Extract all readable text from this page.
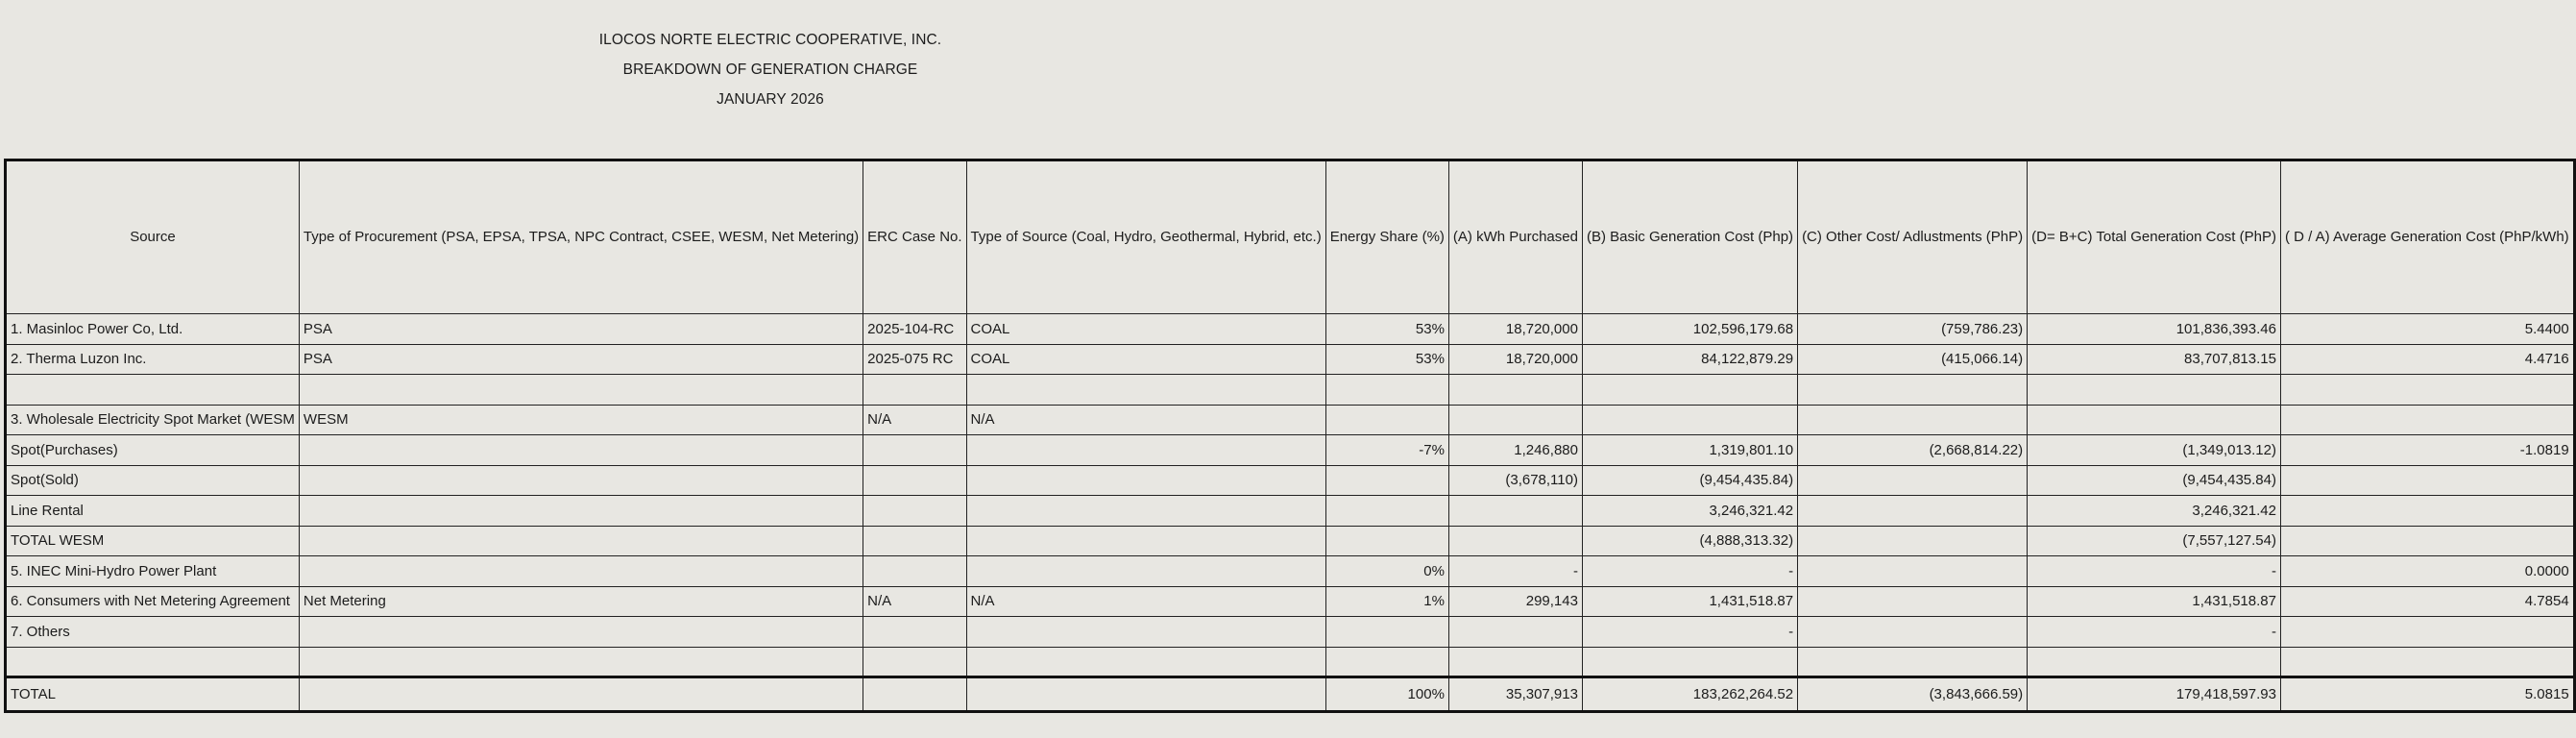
ILOCOS NORTE ELECTRIC COOPERATIVE, INC.
BREAKDOWN OF GENERATION CHARGE
JANUARY 2026
Source	Type of Procurement (PSA, EPSA, TPSA, NPC Contract, CSEE, WESM, Net Metering)	ERC Case No.	Type of Source (Coal, Hydro, Geothermal, Hybrid, etc.)	Energy Share (%)	(A) kWh Purchased	(B) Basic Generation Cost (Php)	(C) Other Cost/ Adlustments (PhP)	(D= B+C) Total Generation Cost (PhP)	( D / A) Average Generation Cost (PhP/kWh)
1. Masinloc Power Co, Ltd.	PSA	2025-104-RC	COAL	53%	18,720,000	102,596,179.68	(759,786.23)	101,836,393.46	5.4400
2. Therma Luzon Inc.	PSA	2025-075 RC	COAL	53%	18,720,000	84,122,879.29	(415,066.14)	83,707,813.15	4.4716

3. Wholesale Electricity Spot Market (WESM	WESM	N/A	N/A						
Spot(Purchases)				-7%	1,246,880	1,319,801.10	(2,668,814.22)	(1,349,013.12)	-1.0819
Spot(Sold)					(3,678,110)	(9,454,435.84)		(9,454,435.84)	
Line Rental						3,246,321.42		3,246,321.42	
TOTAL WESM						(4,888,313.32)		(7,557,127.54)	
5. INEC Mini-Hydro Power Plant				0%	-	-		-	0.0000
6. Consumers with Net Metering Agreement	Net Metering	N/A	N/A	1%	299,143	1,431,518.87		1,431,518.87	4.7854
7. Others						-		-	

TOTAL				100%	35,307,913	183,262,264.52	(3,843,666.59)	179,418,597.93	5.0815
